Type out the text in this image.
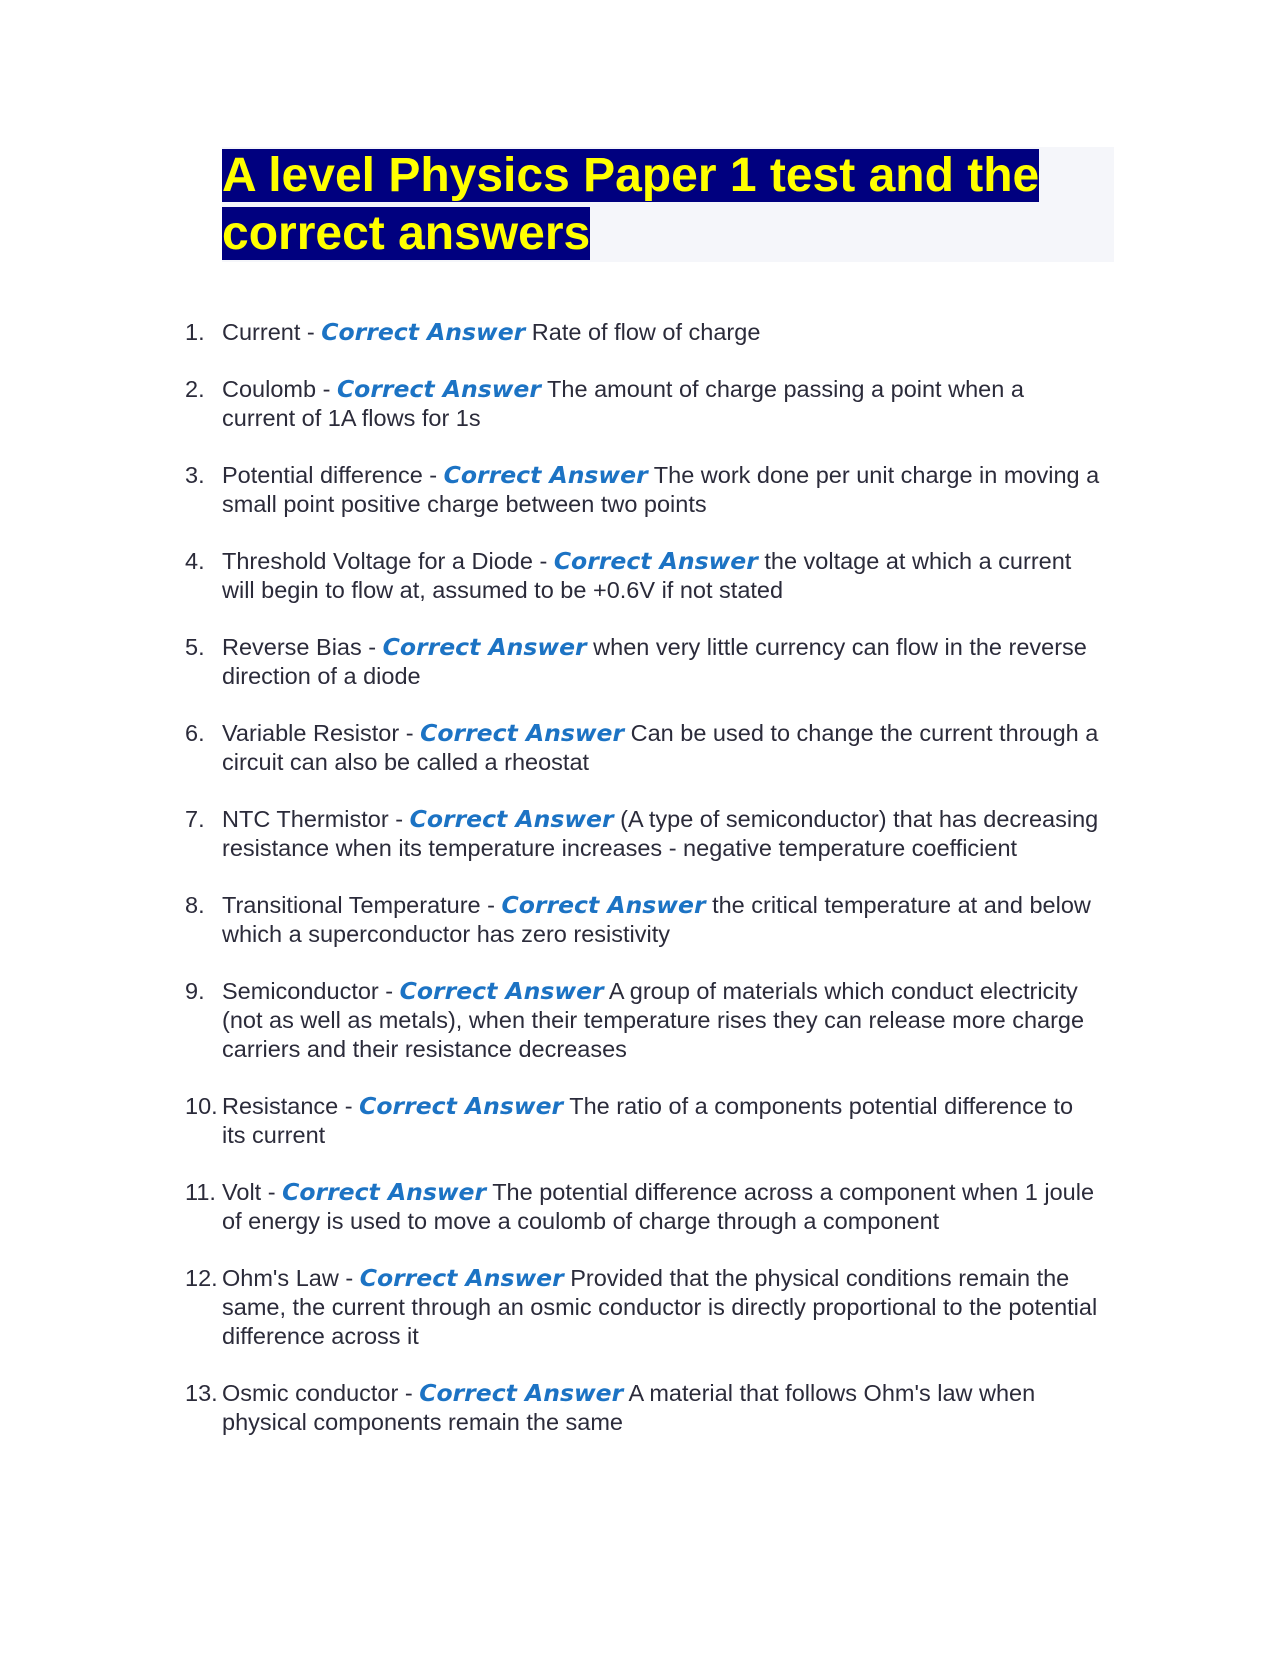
A level Physics Paper 1 test and the correct answers
1. Current - Correct Answer Rate of flow of charge
2. Coulomb - Correct Answer The amount of charge passing a point when a current of 1A flows for 1s
3. Potential difference - Correct Answer The work done per unit charge in moving a small point positive charge between two points
4. Threshold Voltage for a Diode - Correct Answer the voltage at which a current will begin to flow at, assumed to be +0.6V if not stated
5. Reverse Bias - Correct Answer when very little currency can flow in the reverse direction of a diode
6. Variable Resistor - Correct Answer Can be used to change the current through a circuit can also be called a rheostat
7. NTC Thermistor - Correct Answer (A type of semiconductor) that has decreasing resistance when its temperature increases - negative temperature coefficient
8. Transitional Temperature - Correct Answer the critical temperature at and below which a superconductor has zero resistivity
9. Semiconductor - Correct Answer A group of materials which conduct electricity (not as well as metals), when their temperature rises they can release more charge carriers and their resistance decreases
10. Resistance - Correct Answer The ratio of a components potential difference to its current
11. Volt - Correct Answer The potential difference across a component when 1 joule of energy is used to move a coulomb of charge through a component
12. Ohm's Law - Correct Answer Provided that the physical conditions remain the same, the current through an osmic conductor is directly proportional to the potential difference across it
13. Osmic conductor - Correct Answer A material that follows Ohm's law when physical components remain the same
